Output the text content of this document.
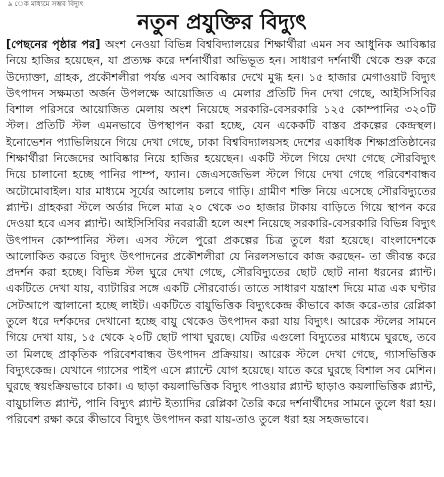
৯ েক মাধ্যমে সম্ভব বিদ্যুৎ
নতুন প্রযুক্তির বিদ্যুৎ
[পেছনের পৃষ্ঠার পর] অংশ নেওয়া বিভিন্ন বিশ্ববিদ্যালয়ের শিক্ষার্থীরা এমন সব আধুনিক আবিষ্কার নিয়ে হাজির হয়েছেন, যা প্রত্যক্ষ করে দর্শনার্থীরা অভিভূত হন। সাধারণ দর্শনার্থী থেকে শুরু করে উদ্যোক্তা, গ্রাহক, প্রকৌশলীরা পর্যন্ত এসব আবিষ্কার দেখে মুগ্ধ হন। ১৫ হাজার মেগাওয়াট বিদ্যুৎ উৎপাদন সক্ষমতা অর্জন উপলক্ষে আয়োজিত এ মেলার প্রতিটি দিন দেখা গেছে, আইসিসিবির বিশাল পরিসরে আয়োজিত মেলায় অংশ নিয়েছে সরকারি-বেসরকারি ১২৫ কোম্পানির ৩২০টি স্টল। প্রতিটি স্টল এমনভাবে উপস্থাপন করা হচ্ছে, যেন একেকটি বাস্তব প্রকল্পের কেন্দ্রস্থল। ইনোভেশন প্যাভিলিয়নে গিয়ে দেখা গেছে, ঢাকা বিশ্ববিদ্যালয়সহ দেশের একাধিক শিক্ষাপ্রতিষ্ঠানের শিক্ষার্থীরা নিজেদের আবিষ্কার নিয়ে হাজির হয়েছেন। একটি স্টলে গিয়ে দেখা গেছে সৌরবিদ্যুৎ দিয়ে চালানো হচ্ছে পানির পাম্প, ফ্যান। জেএসজেভিল স্টলে গিয়ে দেখা গেছে পরিবেশবান্ধব অটোমোবাইল। যার মাধ্যমে সূর্যের আলোয় চলবে গাড়ি। গ্রামীণ শক্তি নিয়ে এসেছে সৌরবিদ্যুতের প্ল্যান্ট। গ্রাহকরা স্টলে অর্ডার দিলে মাত্র ২০ থেকে ৩০ হাজার টাকায় বাড়িতে গিয়ে স্থাপন করে দেওয়া হবে এসব প্ল্যান্ট। আইসিসিবির নবরাত্রী হলে অংশ নিয়েছে সরকারি-বেসরকারি বিভিন্ন বিদ্যুৎ উৎপাদন কোম্পানির স্টল। এসব স্টলে পুরো প্রকল্পের চিত্র তুলে ধরা হয়েছে। বাংলাদেশকে আলোকিত করতে বিদ্যুৎ উৎপাদনের প্রকৌশলীরা যে নিরলসভাবে কাজ করছেন- তা জীবন্ত করে প্রদর্শন করা হচ্ছে। বিভিন্ন স্টল ঘুরে দেখা গেছে, সৌরবিদ্যুতের ছোট ছোট নানা ধরনের প্ল্যান্ট। একটিতে দেখা যায়, ব্যাটারির সঙ্গে একটি সৌরবোর্ড। তাতে সাধারণ যন্ত্রাংশ দিয়ে মাত্র এক ঘণ্টার সেটআপে জ্বালানো হচ্ছে লাইট। একটিতে বায়ুভিত্তিক বিদ্যুৎকেন্দ্র কীভাবে কাজ করে-তার রেপ্লিকা তুলে ধরে দর্শকদের দেখানো হচ্ছে বায়ু থেকেও উৎপাদন করা যায় বিদ্যুৎ। আরেক স্টলের সামনে গিয়ে দেখা যায়, ১৫ থেকে ২০টি ছোট পাখা ঘুরছে। যেটির এগুলো বিদ্যুতের মাধ্যমে ঘুরছে, তবে তা মিলছে প্রাকৃতিক পরিবেশবান্ধব উৎপাদন প্রক্রিয়ায়। আরেক স্টলে দেখা গেছে, গ্যাসভিত্তিক বিদ্যুৎকেন্দ্র। যেখানে গ্যাসের পাইপ এসে প্ল্যান্টে যোগ হয়েছে। যাতে করে ঘুরছে বিশাল সব মেশিন। ঘুরছে স্বয়ংক্রিয়ভাবে চাকা। এ ছাড়া কয়লাভিত্তিক বিদ্যুৎ পাওয়ার প্ল্যান্ট ছাড়াও কয়লাভিত্তিক প্ল্যান্ট, বায়ুচালিত প্ল্যান্ট, পানি বিদ্যুৎ প্ল্যান্ট ইত্যাদির রেপ্লিকা তৈরি করে দর্শনার্থীদের সামনে তুলে ধরা হয়। পরিবেশ রক্ষা করে কীভাবে বিদ্যুৎ উৎপাদন করা যায়-তাও তুলে ধরা হয় সহজভাবে।
